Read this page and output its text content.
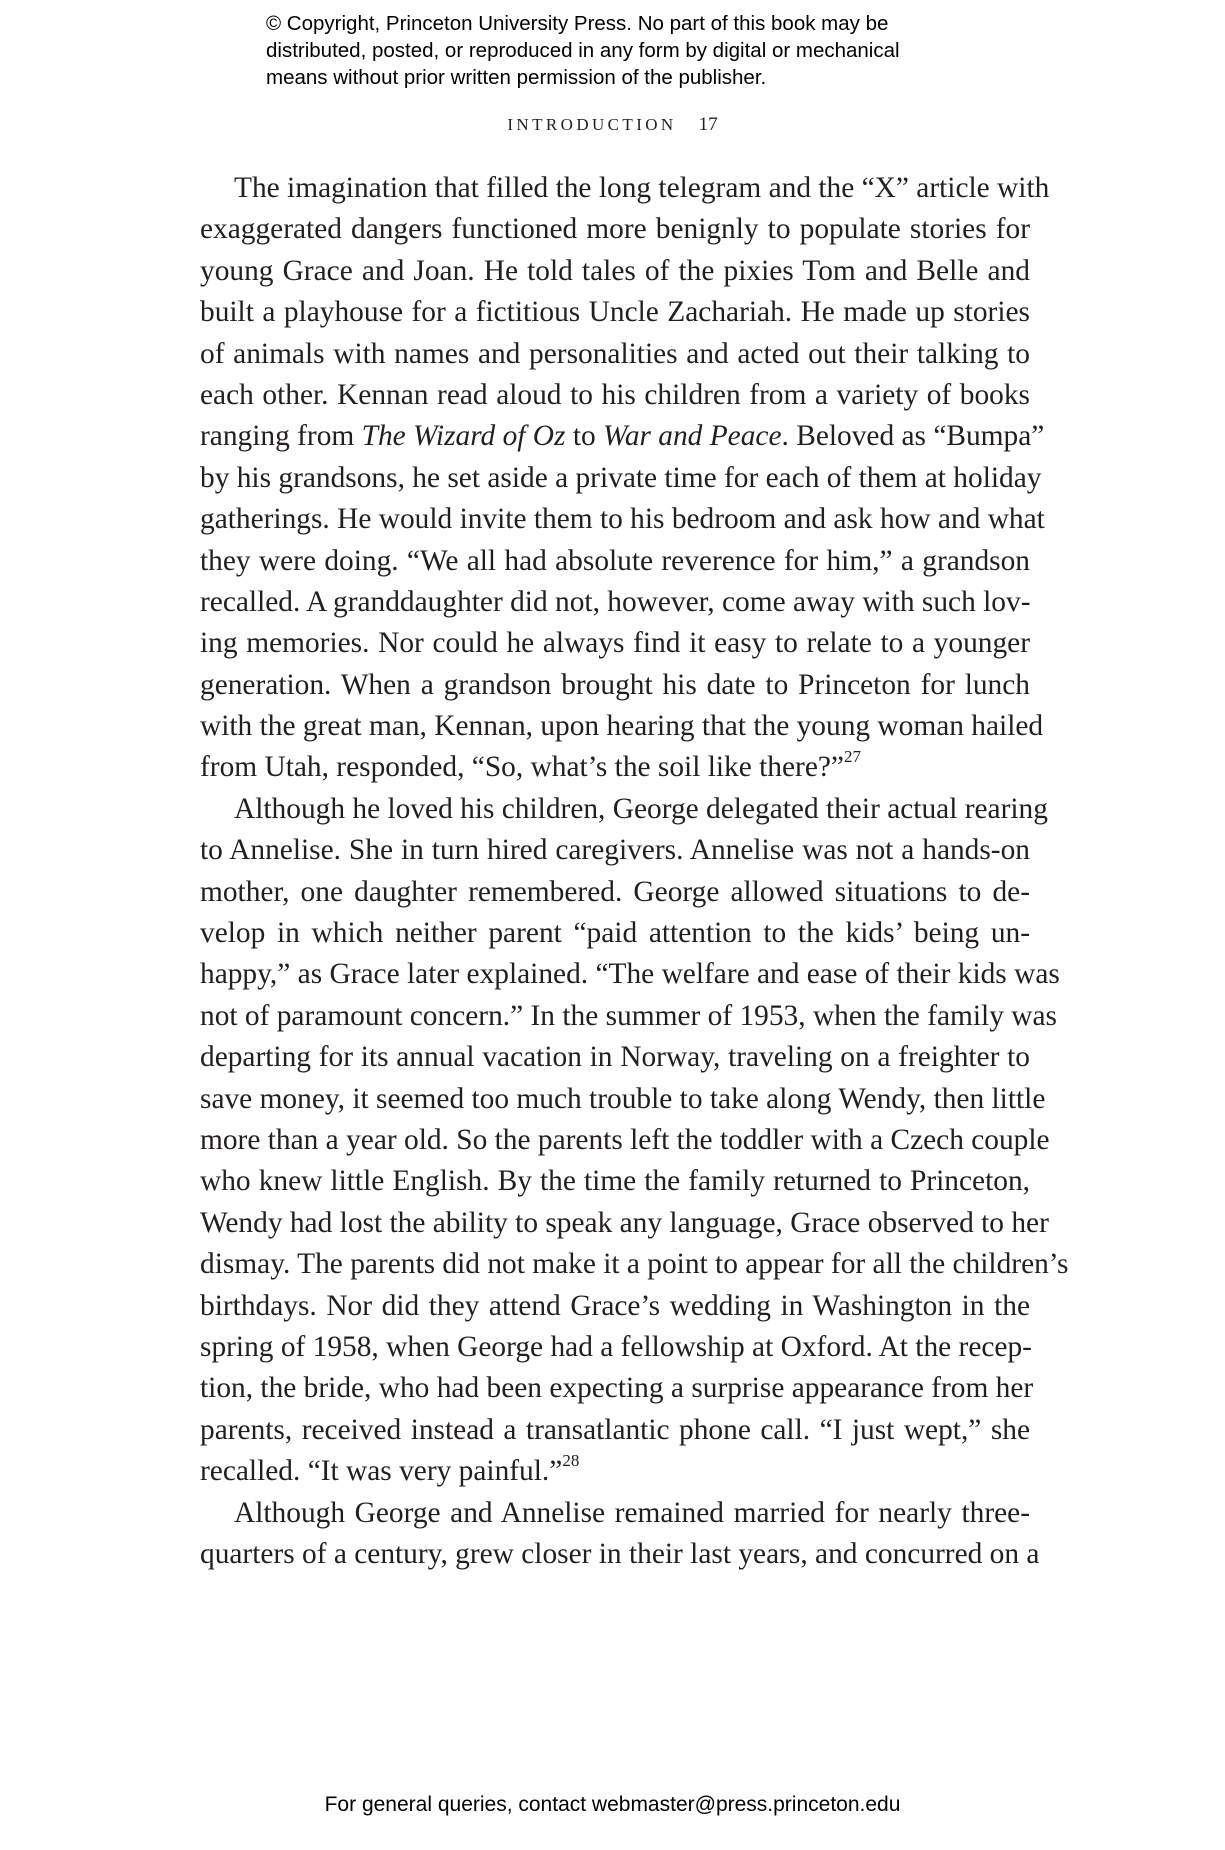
© Copyright, Princeton University Press. No part of this book may be
distributed, posted, or reproduced in any form by digital or mechanical
means without prior written permission of the publisher.
INTRODUCTION 17
The imagination that filled the long telegram and the “X” article with
exaggerated dangers functioned more benignly to populate stories for
young Grace and Joan. He told tales of the pixies Tom and Belle and
built a playhouse for a fictitious Uncle Zachariah. He made up stories
of animals with names and personalities and acted out their talking to
each other. Kennan read aloud to his children from a variety of books
ranging from The Wizard of Oz to War and Peace. Beloved as “Bumpa”
by his grandsons, he set aside a private time for each of them at holiday
gatherings. He would invite them to his bedroom and ask how and what
they were doing. “We all had absolute reverence for him,” a grandson
recalled. A granddaughter did not, however, come away with such lov-
ing memories. Nor could he always find it easy to relate to a younger
generation. When a grandson brought his date to Princeton for lunch
with the great man, Kennan, upon hearing that the young woman hailed
from Utah, responded, “So, what’s the soil like there?”$^{27}$
Although he loved his children, George delegated their actual rearing
to Annelise. She in turn hired caregivers. Annelise was not a hands-on
mother, one daughter remembered. George allowed situations to de-
velop in which neither parent “paid attention to the kids’ being un-
happy,” as Grace later explained. “The welfare and ease of their kids was
not of paramount concern.” In the summer of 1953, when the family was
departing for its annual vacation in Norway, traveling on a freighter to
save money, it seemed too much trouble to take along Wendy, then little
more than a year old. So the parents left the toddler with a Czech couple
who knew little English. By the time the family returned to Princeton,
Wendy had lost the ability to speak any language, Grace observed to her
dismay. The parents did not make it a point to appear for all the children’s
birthdays. Nor did they attend Grace’s wedding in Washington in the
spring of 1958, when George had a fellowship at Oxford. At the recep-
tion, the bride, who had been expecting a surprise appearance from her
parents, received instead a transatlantic phone call. “I just wept,” she
recalled. “It was very painful.”$^{28}$
Although George and Annelise remained married for nearly three-
quarters of a century, grew closer in their last years, and concurred on a
For general queries, contact webmaster@press.princeton.edu
